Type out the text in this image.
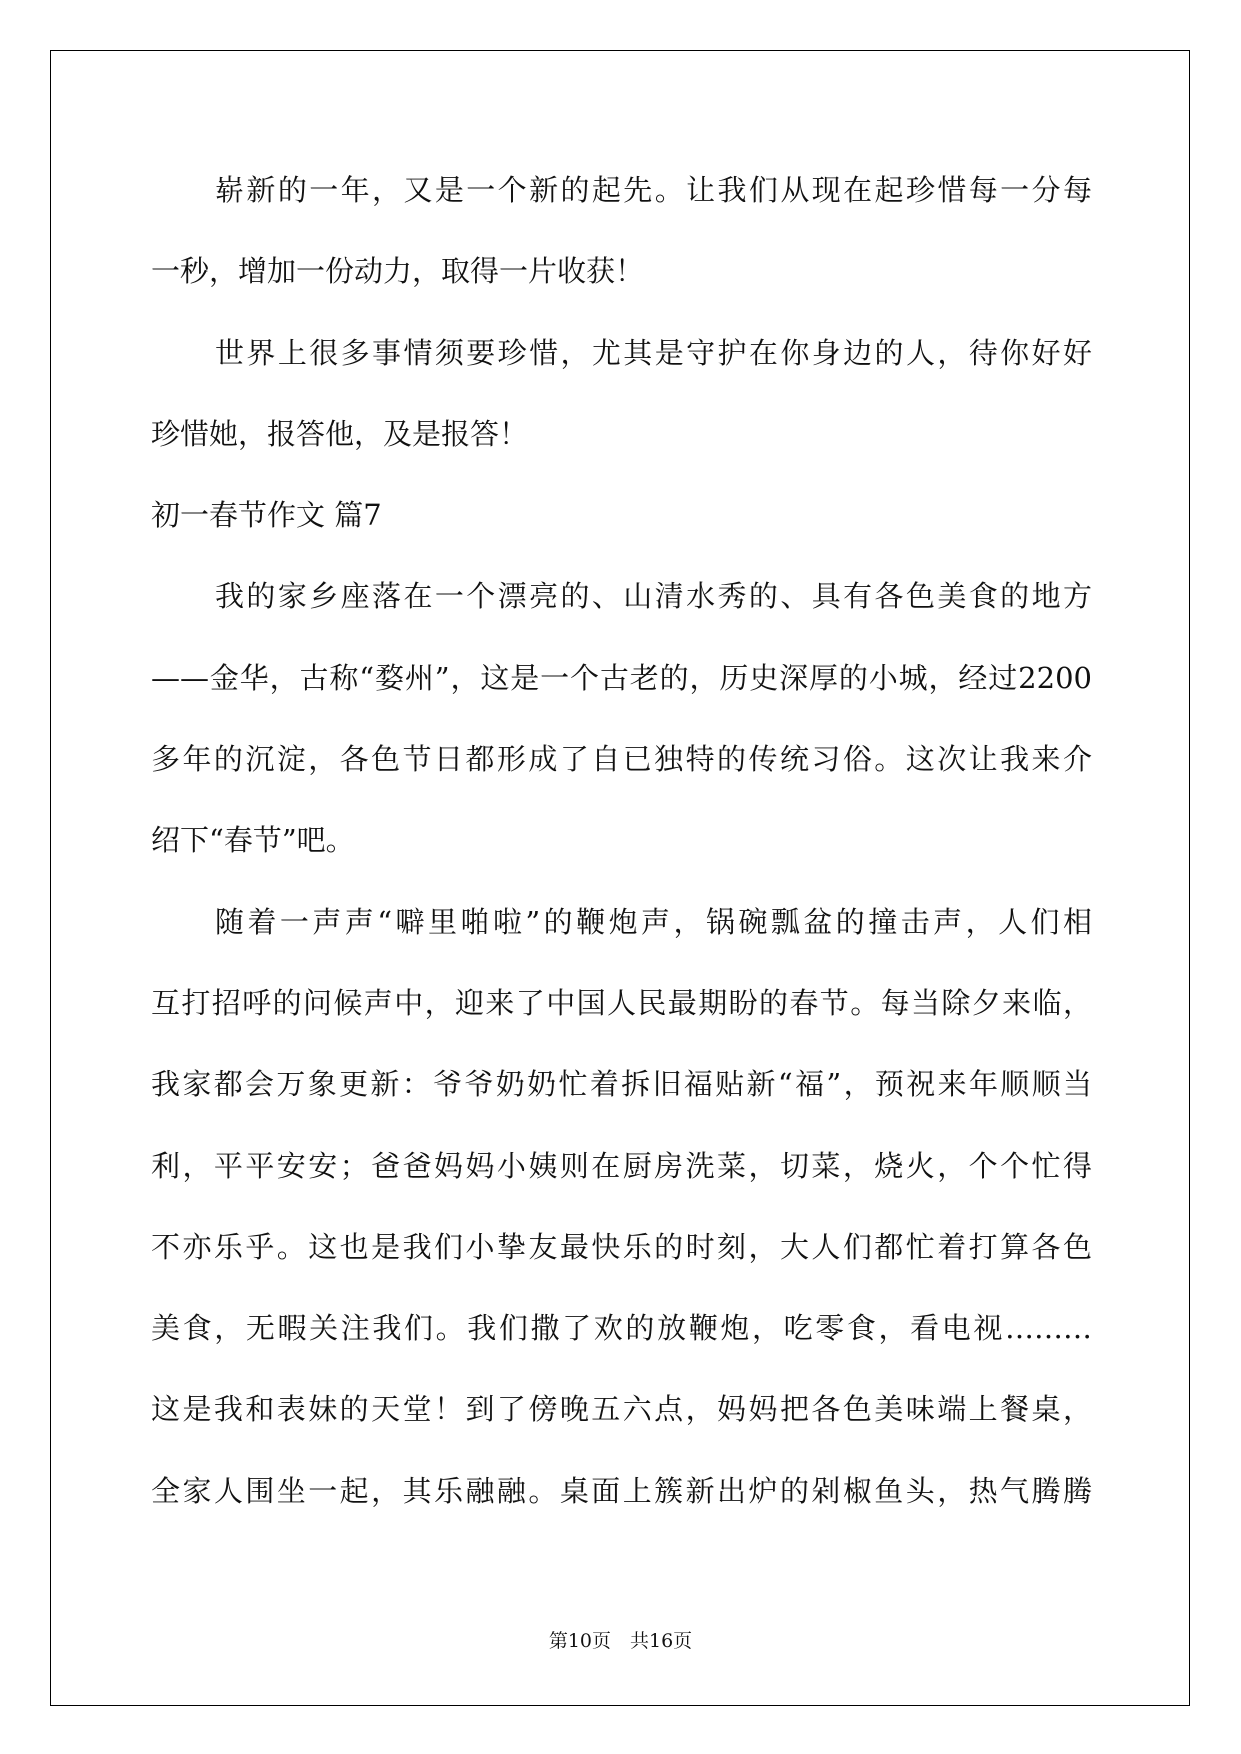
崭新的一年，又是一个新的起先。让我们从现在起珍惜每一分每
一秒，增加一份动力，取得一片收获！
世界上很多事情须要珍惜，尤其是守护在你身边的人，待你好好
珍惜她，报答他，及是报答！
初一春节作文 篇7
我的家乡座落在一个漂亮的、山清水秀的、具有各色美食的地方
——金华，古称“婺州”，这是一个古老的，历史深厚的小城，经过2200
多年的沉淀，各色节日都形成了自已独特的传统习俗。这次让我来介
绍下“春节”吧。
随着一声声“噼里啪啦”的鞭炮声，锅碗瓢盆的撞击声，人们相
互打招呼的问候声中，迎来了中国人民最期盼的春节。每当除夕来临，
我家都会万象更新：爷爷奶奶忙着拆旧福贴新“福”，预祝来年顺顺当
利，平平安安；爸爸妈妈小姨则在厨房洗菜，切菜，烧火，个个忙得
不亦乐乎。这也是我们小挚友最快乐的时刻，大人们都忙着打算各色
美食，无暇关注我们。我们撒了欢的放鞭炮，吃零食，看电视………
这是我和表妹的天堂！到了傍晚五六点，妈妈把各色美味端上餐桌，
全家人围坐一起，其乐融融。桌面上簇新出炉的剁椒鱼头，热气腾腾
第10页　共16页
